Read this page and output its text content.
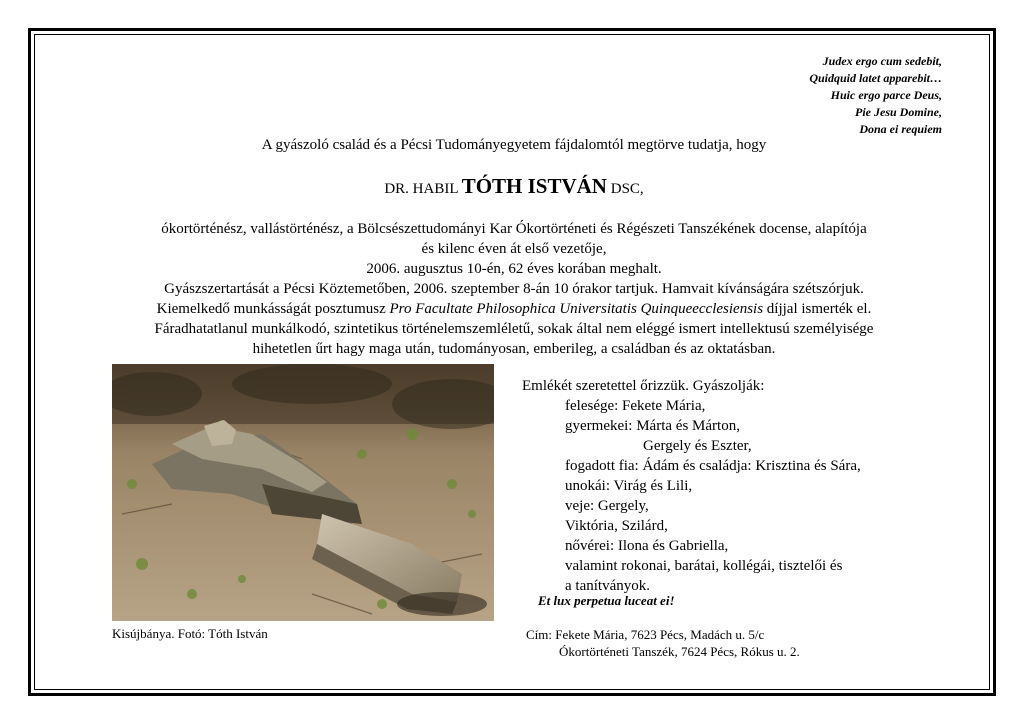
Judex ergo cum sedebit,
Quidquid latet apparebit…
Huic ergo parce Deus,
Pie Jesu Domine,
Dona ei requiem
A gyászoló család és a Pécsi Tudományegyetem fájdalomtól megtörve tudatja, hogy
DR. HABIL TÓTH ISTVÁN DSC,
ókortörténész, vallástörténész, a Bölcsészettudományi Kar Ókortörténeti és Régészeti Tanszékének docense, alapítója
és kilenc éven át első vezetője,
2006. augusztus 10-én, 62 éves korában meghalt.
Gyászszertartását a Pécsi Köztemetőben, 2006. szeptember 8-án 10 órakor tartjuk. Hamvait kívánságára szétszórjuk.
Kiemelkedő munkásságát posztumusz Pro Facultate Philosophica Universitatis Quinqueecclesiensis díjjal ismerték el.
Fáradhatatlanul munkálkodó, szintetikus történelemszemléletű, sokak által nem eléggé ismert intellektusú személyisége
hihetetlen űrt hagy maga után, tudományosan, emberileg, a családban és az oktatásban.
Kisújbánya. Fotó: Tóth István
Emlékét szeretettel őrizzük. Gyászolják:
felesége: Fekete Mária,
gyermekei: Márta és Márton,
Gergely és Eszter,
fogadott fia: Ádám és családja: Krisztina és Sára,
unokái: Virág és Lili,
veje: Gergely,
Viktória, Szilárd,
nővérei: Ilona és Gabriella,
valamint rokonai, barátai, kollégái, tisztelői és
a tanítványok.
Et lux perpetua luceat ei!
Cím: Fekete Mária, 7623 Pécs, Madách u. 5/c
Ókortörténeti Tanszék, 7624 Pécs, Rókus u. 2.
